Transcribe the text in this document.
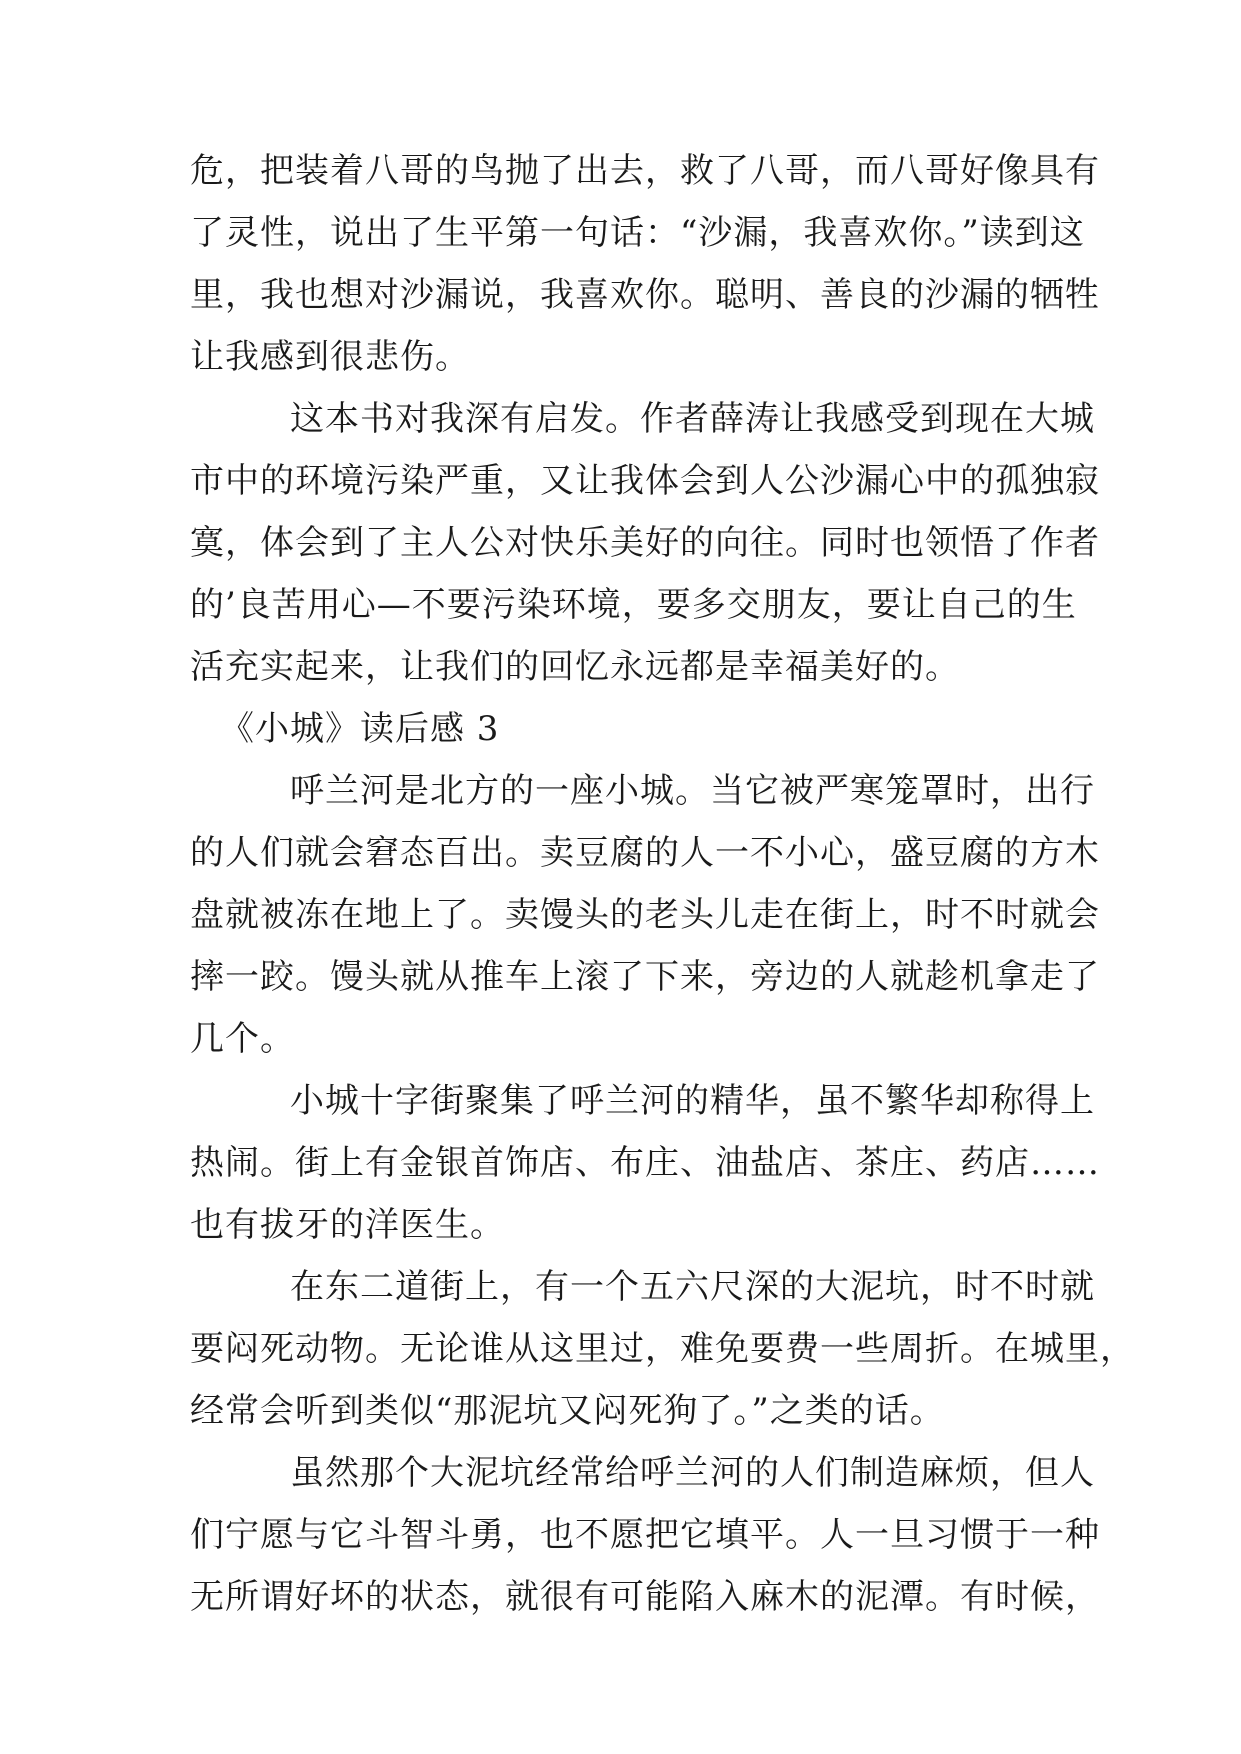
危，把装着八哥的鸟抛了出去，救了八哥，而八哥好像具有
了灵性，说出了生平第一句话：“沙漏，我喜欢你。”读到这
里，我也想对沙漏说，我喜欢你。聪明、善良的沙漏的牺牲
让我感到很悲伤。
这本书对我深有启发。作者薛涛让我感受到现在大城
市中的环境污染严重，又让我体会到人公沙漏心中的孤独寂
寞，体会到了主人公对快乐美好的向往。同时也领悟了作者
的’良苦用心—不要污染环境，要多交朋友，要让自己的生
活充实起来，让我们的回忆永远都是幸福美好的。
《小城》读后感 3
呼兰河是北方的一座小城。当它被严寒笼罩时，出行
的人们就会窘态百出。卖豆腐的人一不小心，盛豆腐的方木
盘就被冻在地上了。卖馒头的老头儿走在街上，时不时就会
摔一跤。馒头就从推车上滚了下来，旁边的人就趁机拿走了
几个。
小城十字街聚集了呼兰河的精华，虽不繁华却称得上
热闹。街上有金银首饰店、布庄、油盐店、茶庄、药店……
也有拔牙的洋医生。
在东二道街上，有一个五六尺深的大泥坑，时不时就
要闷死动物。无论谁从这里过，难免要费一些周折。在城里，
经常会听到类似“那泥坑又闷死狗了。”之类的话。
虽然那个大泥坑经常给呼兰河的人们制造麻烦，但人
们宁愿与它斗智斗勇，也不愿把它填平。人一旦习惯于一种
无所谓好坏的状态，就很有可能陷入麻木的泥潭。有时候，
